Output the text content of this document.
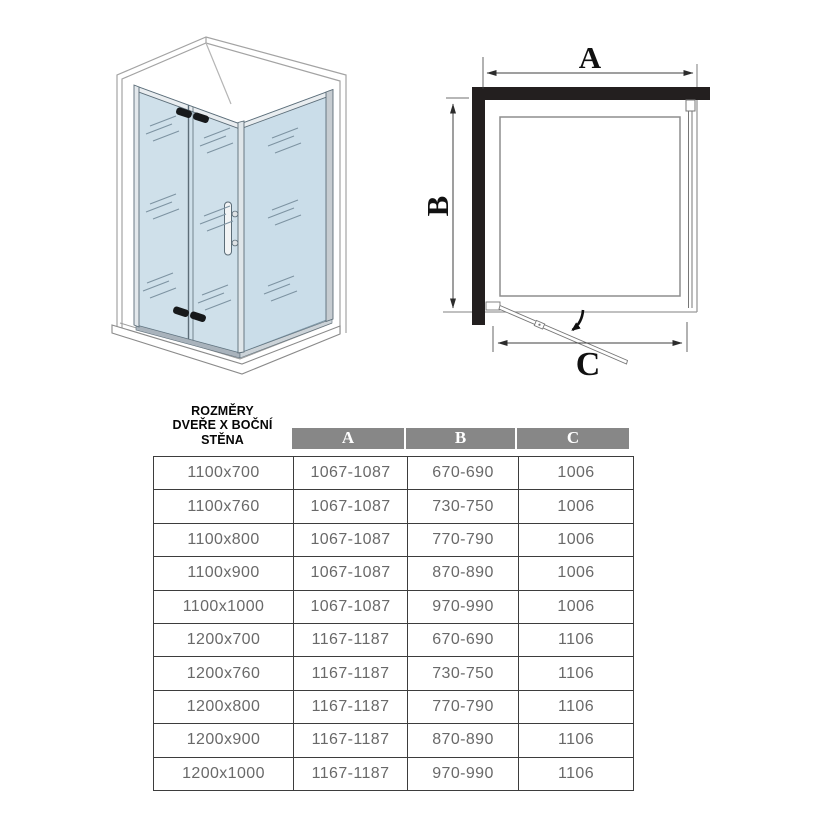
A
B
C
ROZMĚRY
DVEŘE X BOČNÍ STĚNA	A	B	C
1100x700	1067-1087	670-690	1006
1100x760	1067-1087	730-750	1006
1100x800	1067-1087	770-790	1006
1100x900	1067-1087	870-890	1006
1100x1000	1067-1087	970-990	1006
1200x700	1167-1187	670-690	1106
1200x760	1167-1187	730-750	1106
1200x800	1167-1187	770-790	1106
1200x900	1167-1187	870-890	1106
1200x1000	1167-1187	970-990	1106
